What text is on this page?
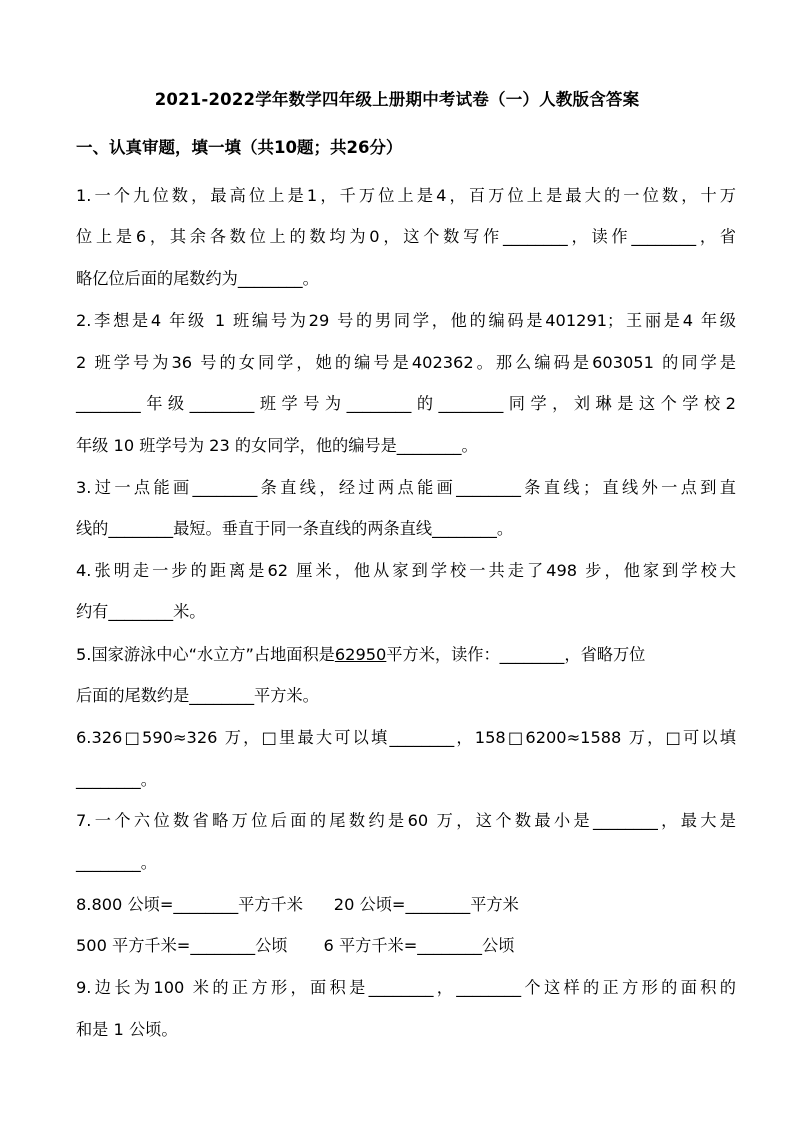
2021-2022学年数学四年级上册期中考试卷（一）人教版含答案
一、认真审题，填一填（共10题；共26分）
1.一个九位数，最高位上是1，千万位上是4，百万位上是最大的一位数，十万
位上是6，其余各数位上的数均为0，这个数写作________，读作________，省
略亿位后面的尾数约为________。
2.李想是4 年级 1 班编号为29 号的男同学，他的编码是401291；王丽是4 年级
2 班学号为36 号的女同学，她的编号是402362。那么编码是603051 的同学是
________年级________班学号为________的________同学，刘琳是这个学校2
年级 10 班学号为 23 的女同学，他的编号是________。
3.过一点能画________条直线，经过两点能画________条直线；直线外一点到直
线的________最短。垂直于同一条直线的两条直线________。
4.张明走一步的距离是62 厘米，他从家到学校一共走了498 步，他家到学校大
约有________米。
5.国家游泳中心“水立方”占地面积是62950平方米，读作：________，省略万位
后面的尾数约是________平方米。
6.326□590≈326 万，□里最大可以填________，158□6200≈1588 万，□可以填
________。
7.一个六位数省略万位后面的尾数约是60 万，这个数最小是________，最大是
________。
8.800 公顷=________平方千米      20 公顷=________平方米
500 平方千米=________公顷       6 平方千米=________公顷
9.边长为100 米的正方形，面积是________，________个这样的正方形的面积的
和是 1 公顷。
